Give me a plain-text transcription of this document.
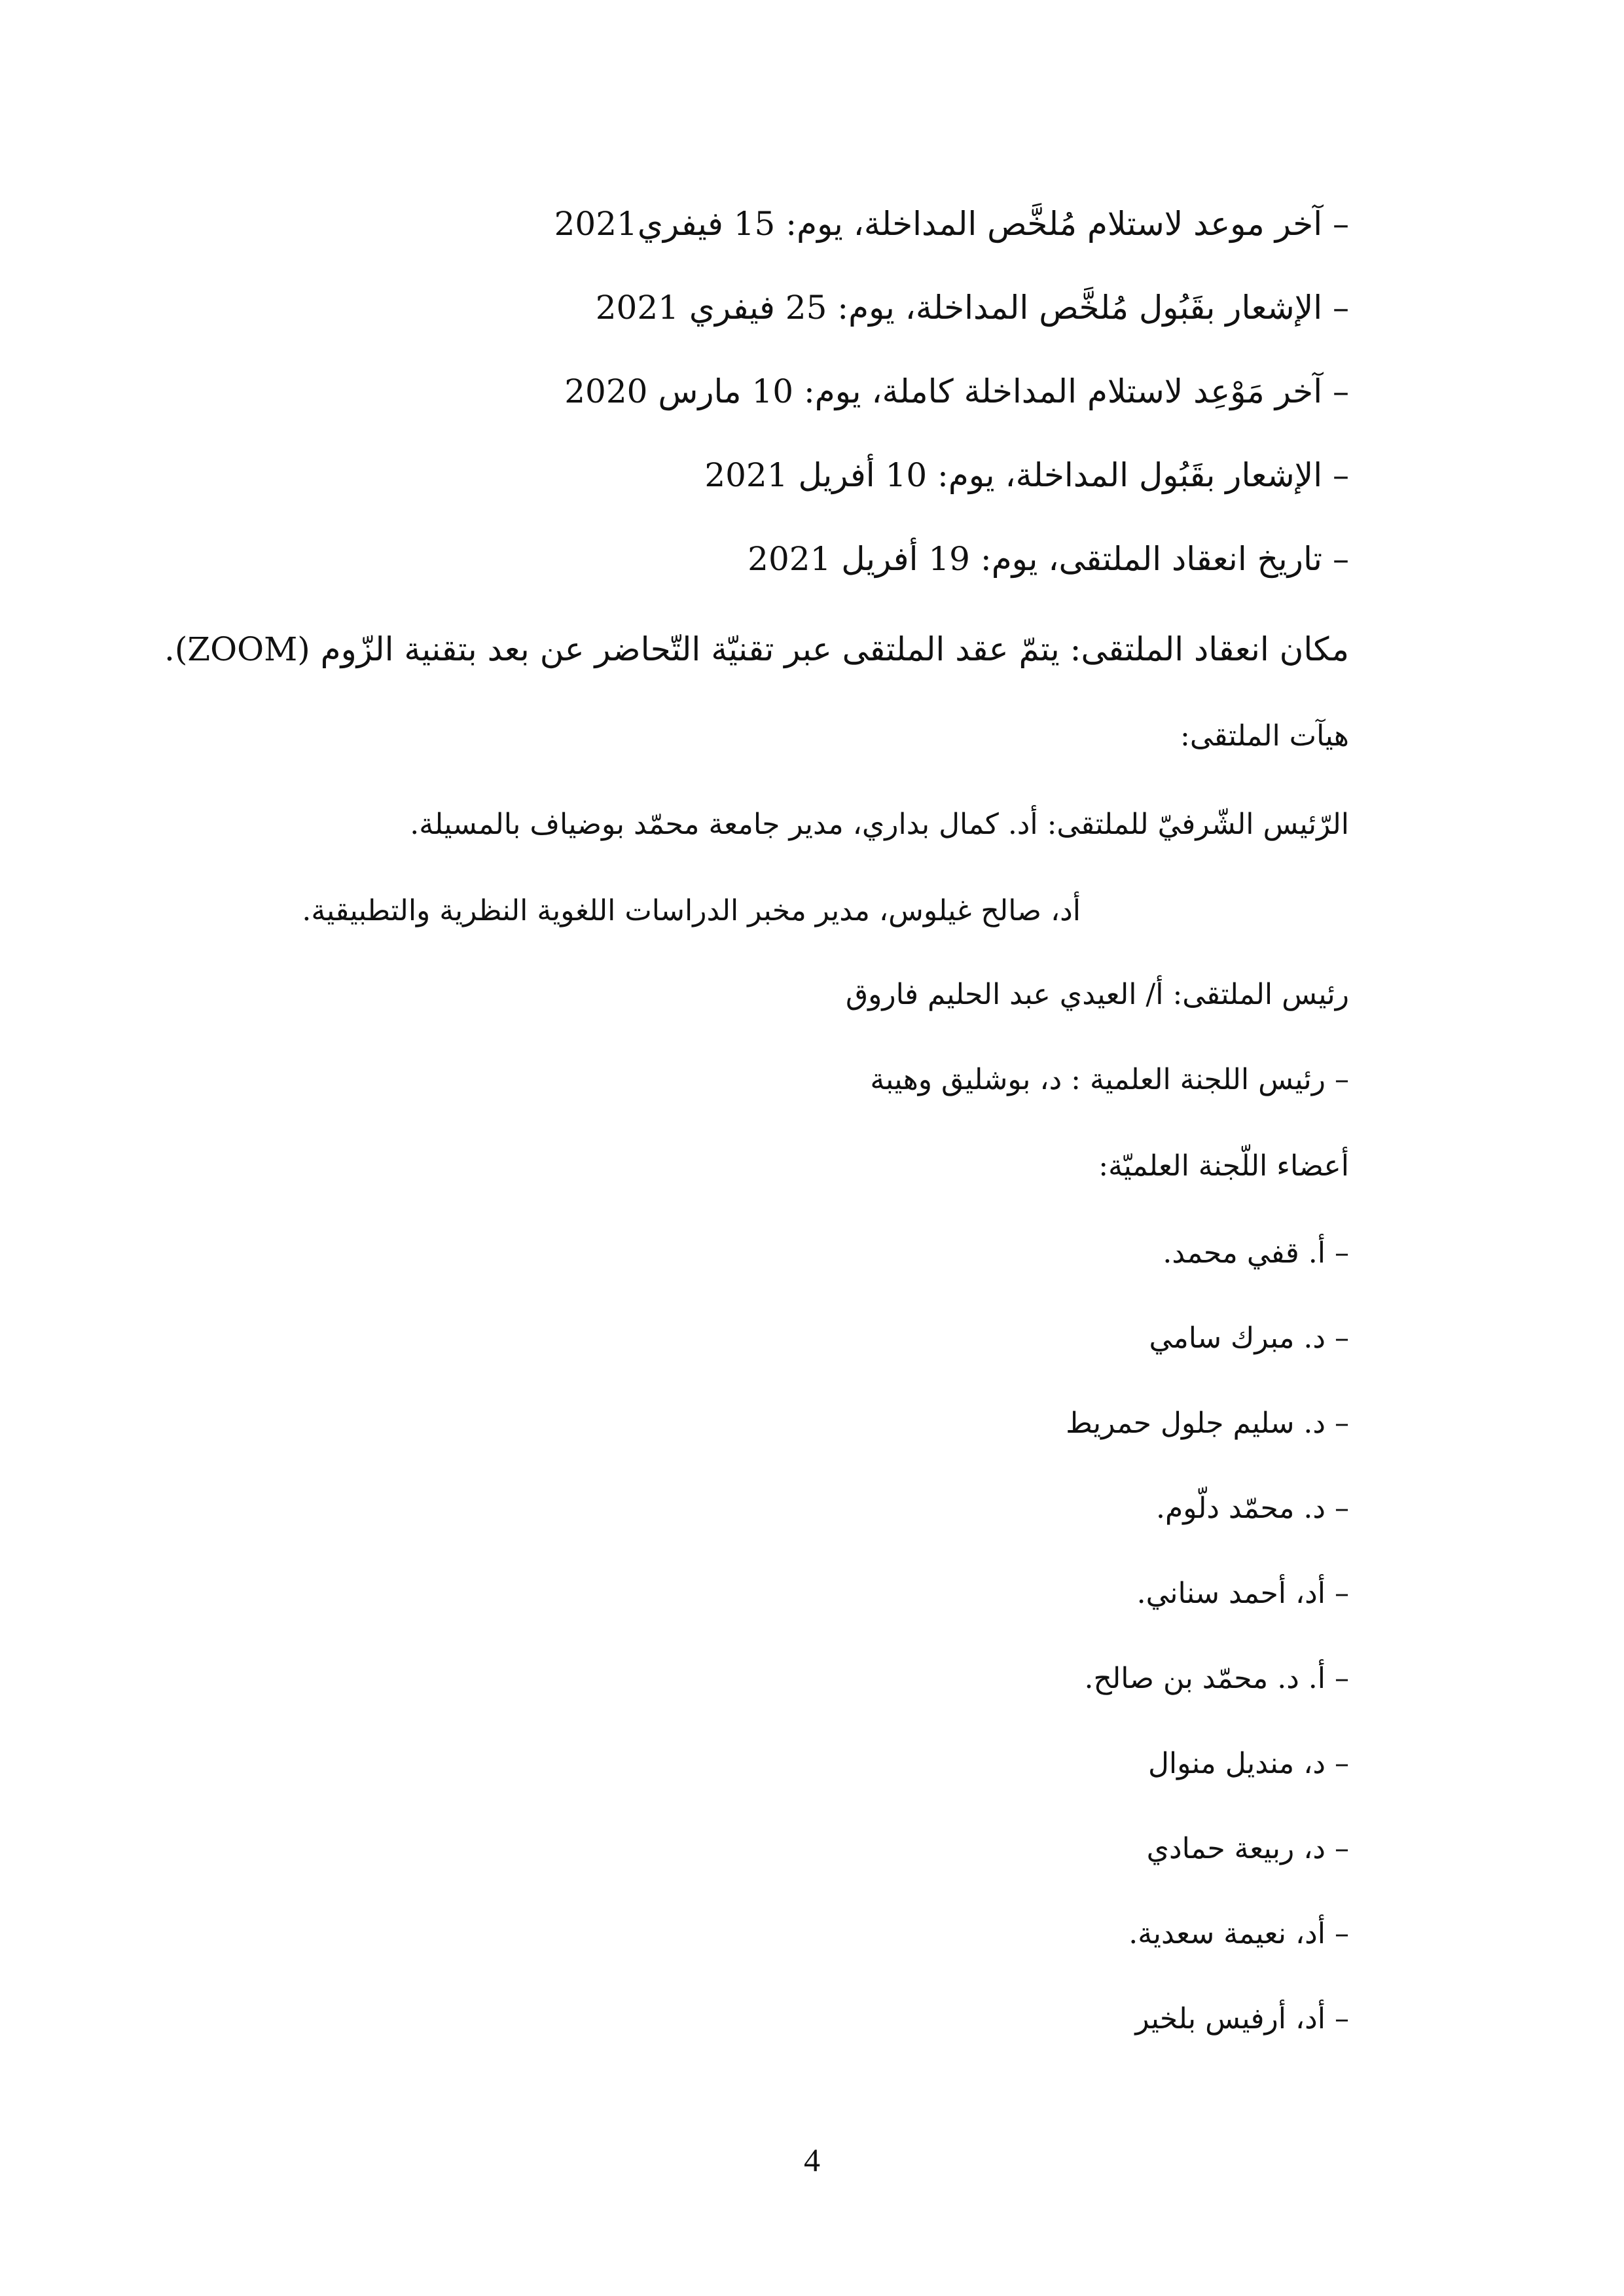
– آخر موعد لاستلام مُلخَّص المداخلة، يوم: 15 فيفري2021
– الإشعار بقَبُول مُلخَّص المداخلة، يوم: 25 فيفري 2021
– آخر مَوْعِد لاستلام المداخلة كاملة، يوم: 10 مارس 2020
– الإشعار بقَبُول المداخلة، يوم: 10 أفريل 2021
– تاريخ انعقاد الملتقى، يوم: 19 أفريل 2021
مكان انعقاد الملتقى: يتمّ عقد الملتقى عبر تقنيّة التّحاضر عن بعد بتقنية الزّوم (ZOOM).
هيآت الملتقى:
الرّئيس الشّرفيّ للملتقى: أد. كمال بداري، مدير جامعة محمّد بوضياف بالمسيلة.
أد، صالح غيلوس، مدير مخبر الدراسات اللغوية النظرية والتطبيقية.
رئيس الملتقى: أ/ العيدي عبد الحليم فاروق
– رئيس اللجنة العلمية : د، بوشليق وهيبة
أعضاء اللّجنة العلميّة:
– أ. قفي محمد.
– د. مبرك سامي
– د. سليم جلول حمريط
– د. محمّد دلّوم.
– أد، أحمد سناني.
– أ. د. محمّد بن صالح.
– د، منديل منوال
– د، ربيعة حمادي
– أد، نعيمة سعدية.
– أد، أرفيس بلخير
4
